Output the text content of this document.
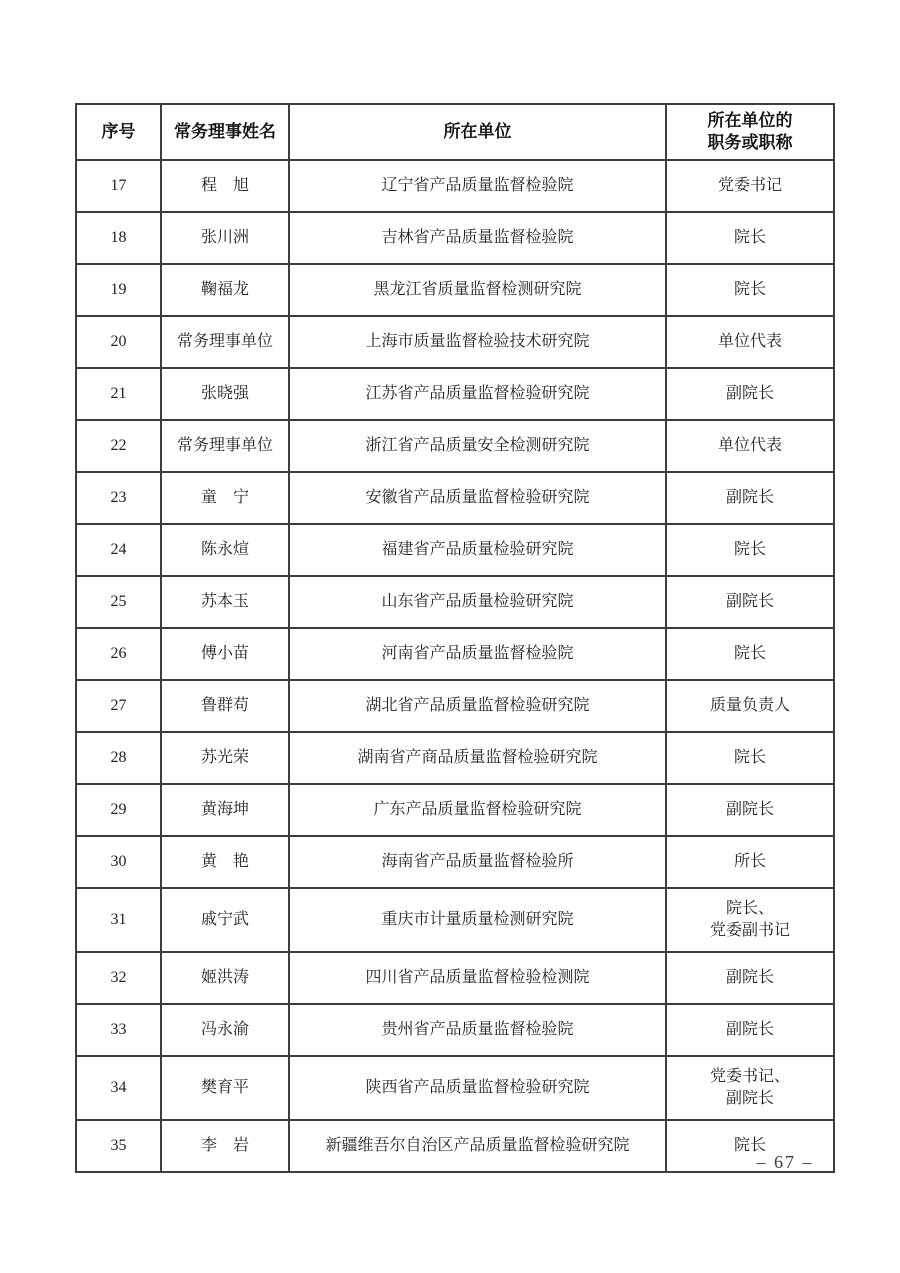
序号	常务理事姓名	所在单位	所在单位的
职务或职称
17	程　旭	辽宁省产品质量监督检验院	党委书记

18	张川洲	吉林省产品质量监督检验院	院长

19	鞠福龙	黑龙江省质量监督检测研究院	院长

20	常务理事单位	上海市质量监督检验技术研究院	单位代表

21	张晓强	江苏省产品质量监督检验研究院	副院长

22	常务理事单位	浙江省产品质量安全检测研究院	单位代表

23	童　宁	安徽省产品质量监督检验研究院	副院长

24	陈永煊	福建省产品质量检验研究院	院长

25	苏本玉	山东省产品质量检验研究院	副院长

26	傅小苗	河南省产品质量监督检验院	院长

27	鲁群苟	湖北省产品质量监督检验研究院	质量负责人

28	苏光荣	湖南省产商品质量监督检验研究院	院长

29	黄海坤	广东产品质量监督检验研究院	副院长

30	黄　艳	海南省产品质量监督检验所	所长

31	戚宁武	重庆市计量质量检测研究院	院长、
党委副书记

32	姬洪涛	四川省产品质量监督检验检测院	副院长

33	冯永渝	贵州省产品质量监督检验院	副院长

34	樊育平	陕西省产品质量监督检验研究院	党委书记、
副院长

35	李　岩	新疆维吾尔自治区产品质量监督检验研究院	院长
– 67 –
